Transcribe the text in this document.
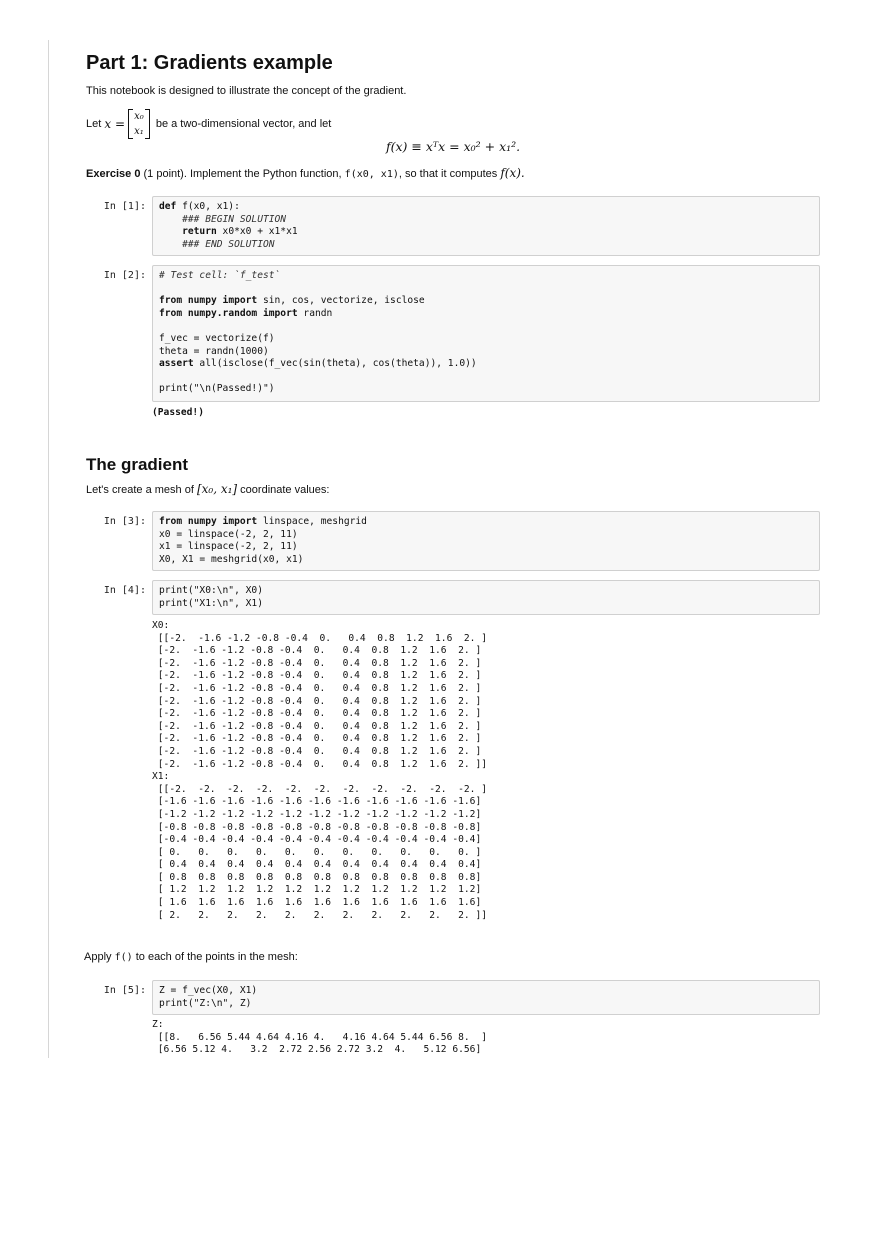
Part 1: Gradients example
This notebook is designed to illustrate the concept of the gradient.
Let
x =

x₀
x₁

be a two-dimensional vector, and let
f(x) ≡ xᵀx = x₀² + x₁².
Exercise 0 (1 point). Implement the Python function, f(x0, x1), so that it computes f(x).
In [1]: def f(x0, x1):
### BEGIN SOLUTION
return x0*x0 + x1*x1
### END SOLUTION
In [2]: # Test cell: `f_test`

from numpy import sin, cos, vectorize, isclose
from numpy.random import randn

f_vec = vectorize(f)
theta = randn(1000)
assert all(isclose(f_vec(sin(theta), cos(theta)), 1.0))

print("\n(Passed!)")
(Passed!)
The gradient
Let's create a mesh of [x₀, x₁] coordinate values:
In [3]: from numpy import linspace, meshgrid
x0 = linspace(-2, 2, 11)
x1 = linspace(-2, 2, 11)
X0, X1 = meshgrid(x0, x1)
In [4]: print("X0:\n", X0)
print("X1:\n", X1)
X0:
[[-2.  -1.6 -1.2 -0.8 -0.4  0.   0.4  0.8  1.2  1.6  2. ]
[-2.  -1.6 -1.2 -0.8 -0.4  0.   0.4  0.8  1.2  1.6  2. ]
[-2.  -1.6 -1.2 -0.8 -0.4  0.   0.4  0.8  1.2  1.6  2. ]
[-2.  -1.6 -1.2 -0.8 -0.4  0.   0.4  0.8  1.2  1.6  2. ]
[-2.  -1.6 -1.2 -0.8 -0.4  0.   0.4  0.8  1.2  1.6  2. ]
[-2.  -1.6 -1.2 -0.8 -0.4  0.   0.4  0.8  1.2  1.6  2. ]
[-2.  -1.6 -1.2 -0.8 -0.4  0.   0.4  0.8  1.2  1.6  2. ]
[-2.  -1.6 -1.2 -0.8 -0.4  0.   0.4  0.8  1.2  1.6  2. ]
[-2.  -1.6 -1.2 -0.8 -0.4  0.   0.4  0.8  1.2  1.6  2. ]
[-2.  -1.6 -1.2 -0.8 -0.4  0.   0.4  0.8  1.2  1.6  2. ]
[-2.  -1.6 -1.2 -0.8 -0.4  0.   0.4  0.8  1.2  1.6  2. ]]
X1:
[[-2.  -2.  -2.  -2.  -2.  -2.  -2.  -2.  -2.  -2.  -2. ]
[-1.6 -1.6 -1.6 -1.6 -1.6 -1.6 -1.6 -1.6 -1.6 -1.6 -1.6]
[-1.2 -1.2 -1.2 -1.2 -1.2 -1.2 -1.2 -1.2 -1.2 -1.2 -1.2]
[-0.8 -0.8 -0.8 -0.8 -0.8 -0.8 -0.8 -0.8 -0.8 -0.8 -0.8]
[-0.4 -0.4 -0.4 -0.4 -0.4 -0.4 -0.4 -0.4 -0.4 -0.4 -0.4]
[ 0.   0.   0.   0.   0.   0.   0.   0.   0.   0.   0. ]
[ 0.4  0.4  0.4  0.4  0.4  0.4  0.4  0.4  0.4  0.4  0.4]
[ 0.8  0.8  0.8  0.8  0.8  0.8  0.8  0.8  0.8  0.8  0.8]
[ 1.2  1.2  1.2  1.2  1.2  1.2  1.2  1.2  1.2  1.2  1.2]
[ 1.6  1.6  1.6  1.6  1.6  1.6  1.6  1.6  1.6  1.6  1.6]
[ 2.   2.   2.   2.   2.   2.   2.   2.   2.   2.   2. ]]
Apply f() to each of the points in the mesh:
In [5]: Z = f_vec(X0, X1)
print("Z:\n", Z)
Z:
[[8.   6.56 5.44 4.64 4.16 4.   4.16 4.64 5.44 6.56 8.  ]
[6.56 5.12 4.   3.2  2.72 2.56 2.72 3.2  4.   5.12 6.56]
